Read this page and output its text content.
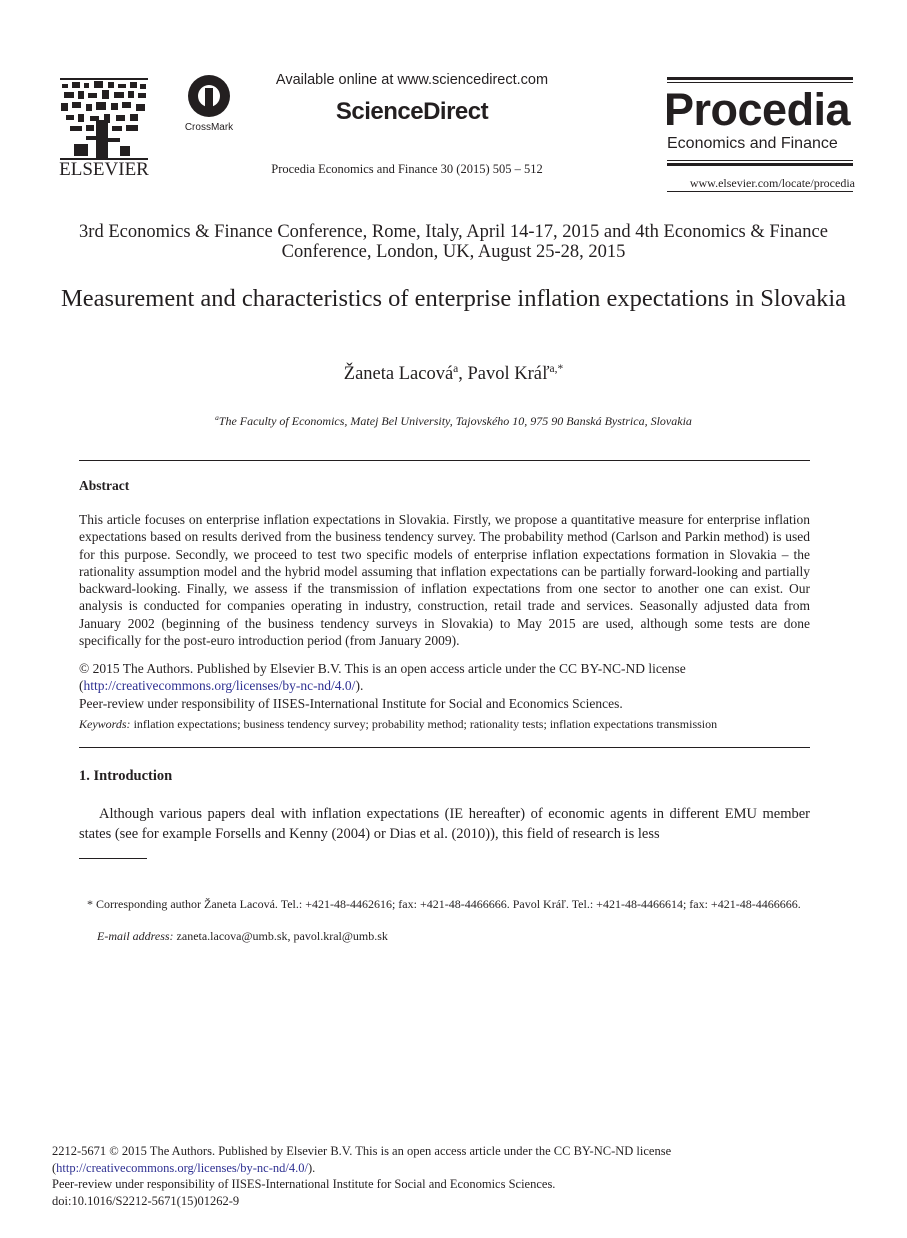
ELSEVIER
CrossMark
Available online at www.sciencedirect.com
ScienceDirect
Procedia Economics and Finance 30 (2015) 505 – 512
Procedia
Economics and Finance
www.elsevier.com/locate/procedia
3rd Economics & Finance Conference, Rome, Italy, April 14-17, 2015 and 4th Economics & Finance Conference, London, UK, August 25-28, 2015
Measurement and characteristics of enterprise inflation expectations in Slovakia
Žaneta Lacová$^a$, Pavol Kráľ$^{a,*}$
$^a$The Faculty of Economics, Matej Bel University, Tajovského 10, 975 90 Banská Bystrica, Slovakia
Abstract
This article focuses on enterprise inflation expectations in Slovakia. Firstly, we propose a quantitative measure for enterprise inflation expectations based on results derived from the business tendency survey. The probability method (Carlson and Parkin method) is used for this purpose. Secondly, we proceed to test two specific models of enterprise inflation expectations formation in Slovakia – the rationality assumption model and the hybrid model assuming that inflation expectations can be partially forward-looking and partially backward-looking. Finally, we assess if the transmission of inflation expectations from one sector to another one can exist. Our analysis is conducted for companies operating in industry, construction, retail trade and services. Seasonally adjusted data from January 2002 (beginning of the business tendency surveys in Slovakia) to May 2015 are used, although some tests are done specifically for the post-euro introduction period (from January 2009).
© 2015 The Authors. Published by Elsevier B.V. This is an open access article under the CC BY-NC-ND license
(http://creativecommons.org/licenses/by-nc-nd/4.0/).
Peer-review under responsibility of IISES-International Institute for Social and Economics Sciences.
Keywords: inflation expectations; business tendency survey; probability method; rationality tests; inflation expectations transmission
1. Introduction
Although various papers deal with inflation expectations (IE hereafter) of economic agents in different EMU member states (see for example Forsells and Kenny (2004) or Dias et al. (2010)), this field of research is less
* Corresponding author Žaneta Lacová. Tel.: +421-48-4462616; fax: +421-48-4466666. Pavol Kráľ. Tel.: +421-48-4466614; fax: +421-48-4466666.
E-mail address: zaneta.lacova@umb.sk, pavol.kral@umb.sk
2212-5671 © 2015 The Authors. Published by Elsevier B.V. This is an open access article under the CC BY-NC-ND license
(http://creativecommons.org/licenses/by-nc-nd/4.0/).
Peer-review under responsibility of IISES-International Institute for Social and Economics Sciences.
doi:10.1016/S2212-5671(15)01262-9
